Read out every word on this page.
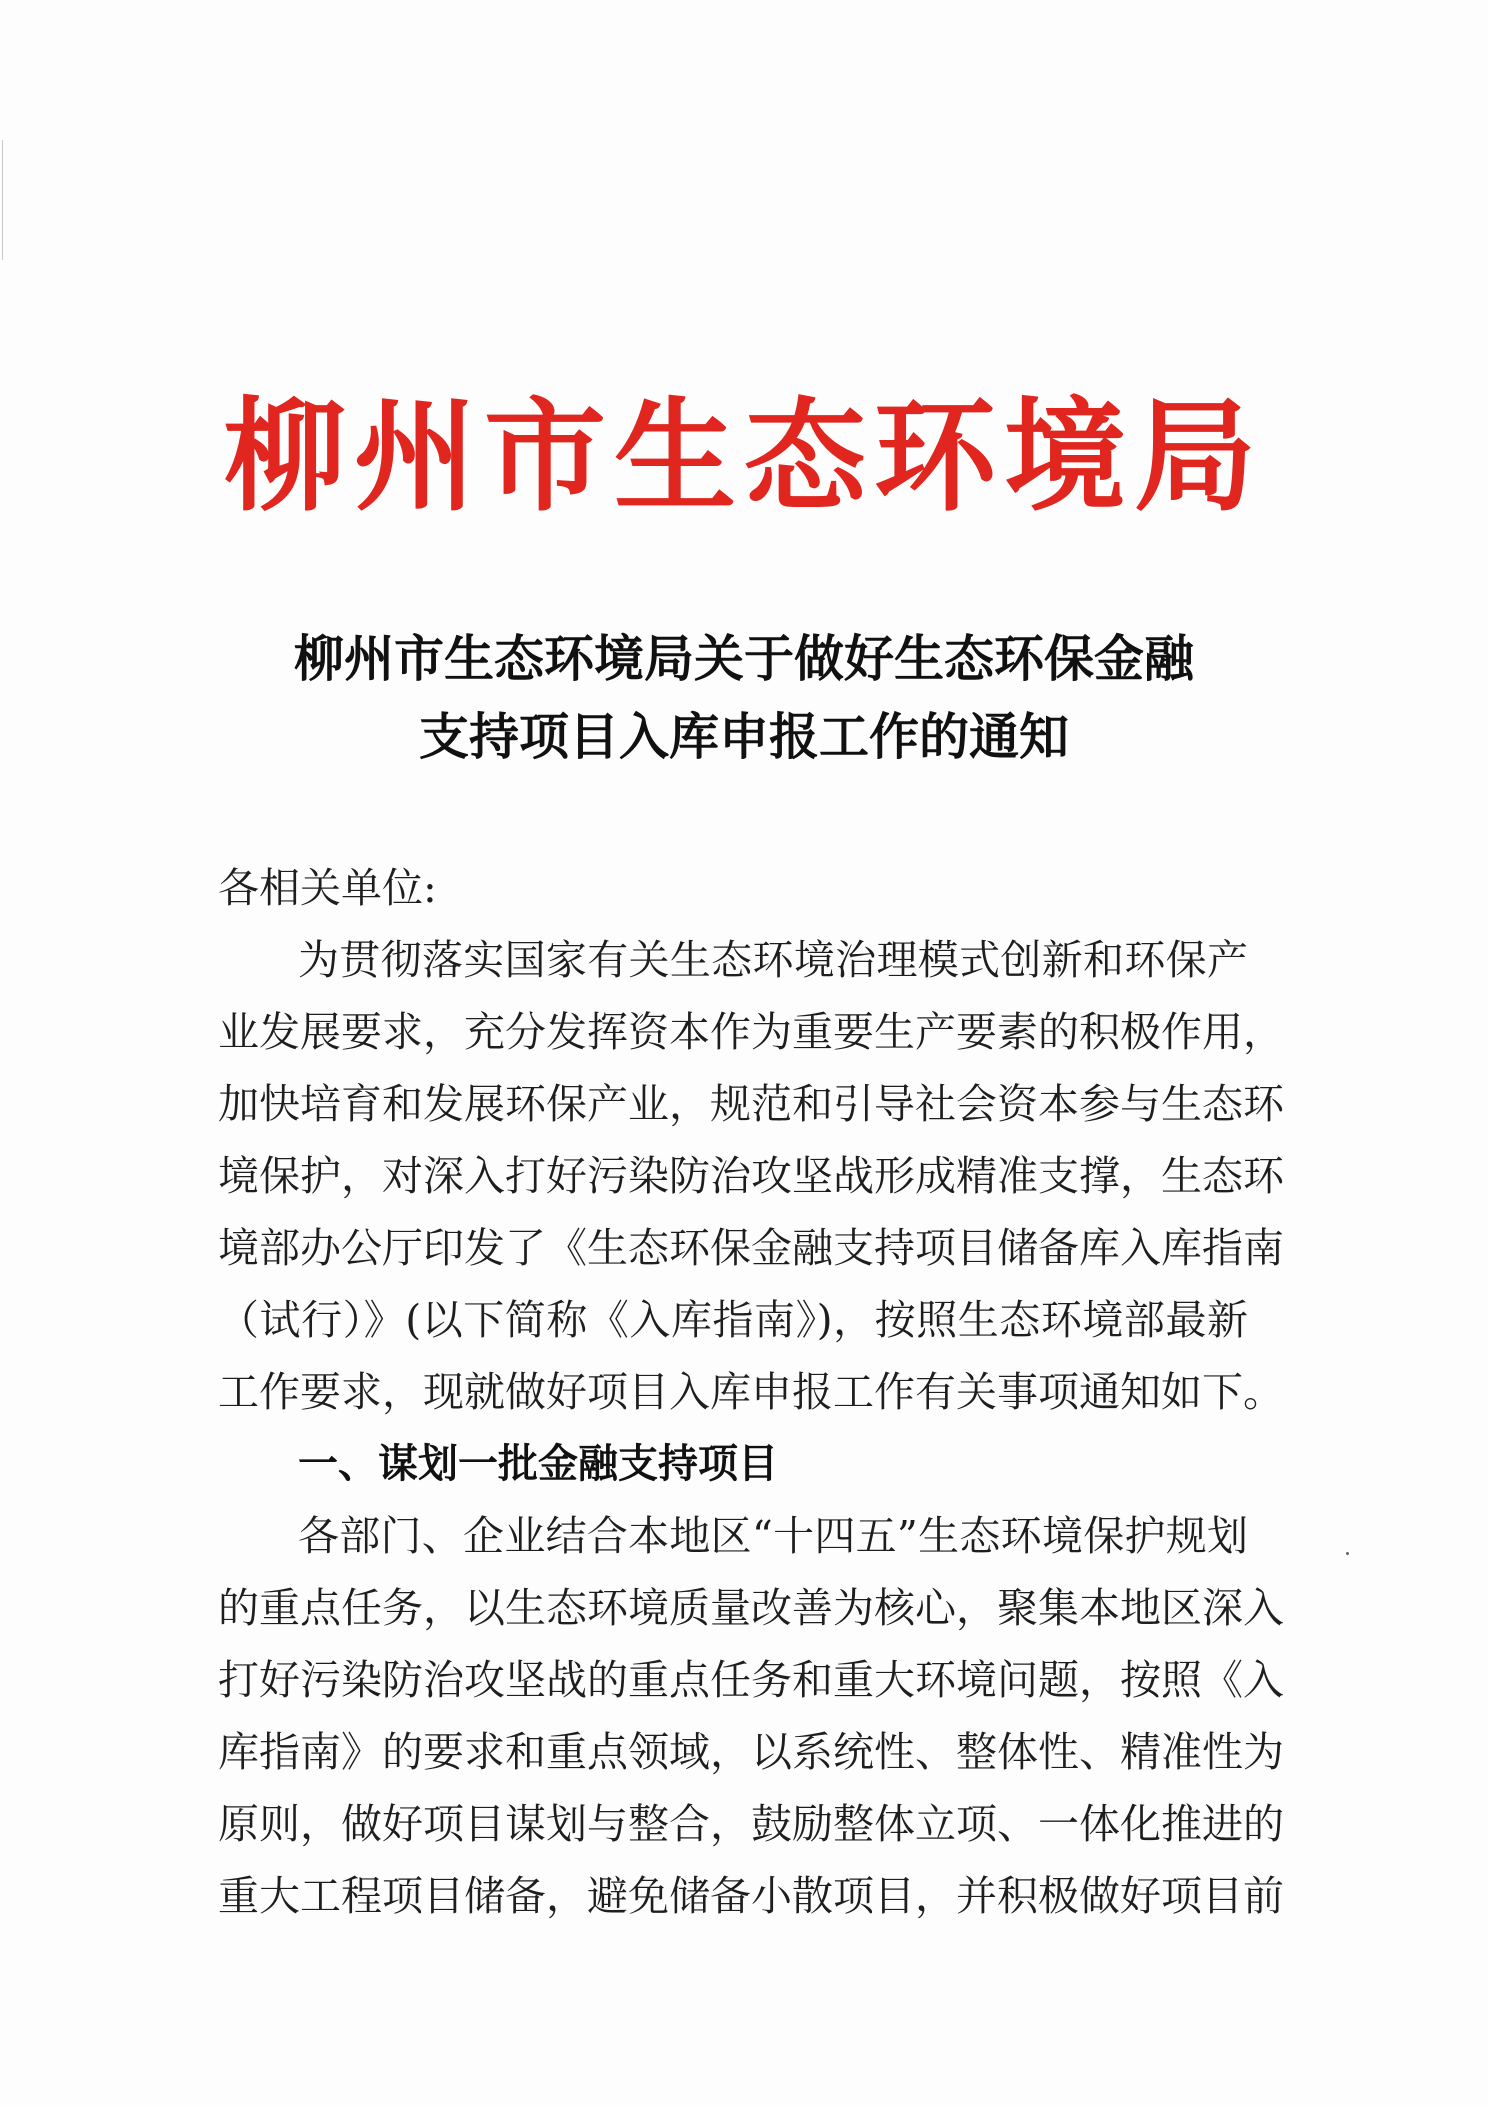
柳州市生态环境局
柳州市生态环境局关于做好生态环保金融
支持项目入库申报工作的通知
各相关单位:
为贯彻落实国家有关生态环境治理模式创新和环保产
业发展要求，充分发挥资本作为重要生产要素的积极作用，
加快培育和发展环保产业，规范和引导社会资本参与生态环
境保护，对深入打好污染防治攻坚战形成精准支撑，生态环
境部办公厅印发了《生态环保金融支持项目储备库入库指南
（试行）》(以下简称《入库指南》)，按照生态环境部最新
工作要求，现就做好项目入库申报工作有关事项通知如下。
一、谋划一批金融支持项目
各部门、企业结合本地区“十四五”生态环境保护规划
的重点任务，以生态环境质量改善为核心，聚集本地区深入
打好污染防治攻坚战的重点任务和重大环境问题，按照《入
库指南》的要求和重点领域，以系统性、整体性、精准性为
原则，做好项目谋划与整合，鼓励整体立项、一体化推进的
重大工程项目储备，避免储备小散项目，并积极做好项目前
